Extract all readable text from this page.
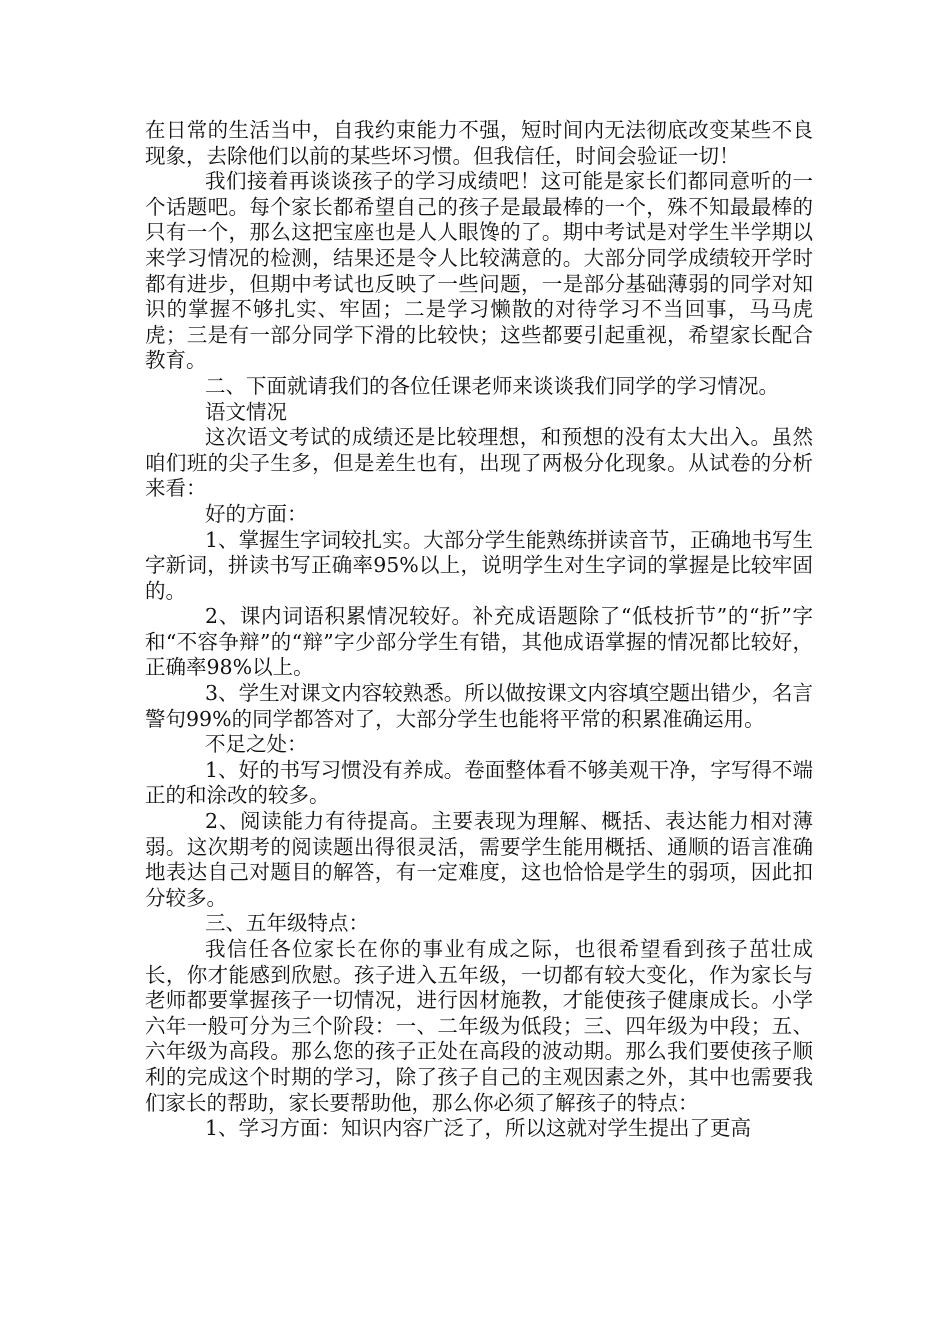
在日常的生活当中，自我约束能力不强，短时间内无法彻底改变某些不良现象，去除他们以前的某些坏习惯。但我信任，时间会验证一切！

我们接着再谈谈孩子的学习成绩吧！这可能是家长们都同意听的一个话题吧。每个家长都希望自己的孩子是最最棒的一个，殊不知最最棒的只有一个，那么这把宝座也是人人眼馋的了。期中考试是对学生半学期以来学习情况的检测，结果还是令人比较满意的。大部分同学成绩较开学时都有进步，但期中考试也反映了一些问题，一是部分基础薄弱的同学对知识的掌握不够扎实、牢固；二是学习懒散的对待学习不当回事，马马虎虎；三是有一部分同学下滑的比较快；这些都要引起重视，希望家长配合教育。

二、下面就请我们的各位任课老师来谈谈我们同学的学习情况。

语文情况

这次语文考试的成绩还是比较理想，和预想的没有太大出入。虽然咱们班的尖子生多，但是差生也有，出现了两极分化现象。从试卷的分析来看：

好的方面：

1、掌握生字词较扎实。大部分学生能熟练拼读音节，正确地书写生字新词，拼读书写正确率95%以上，说明学生对生字词的掌握是比较牢固的。

2、课内词语积累情况较好。补充成语题除了“低枝折节”的“折”字和“不容争辩”的“辩”字少部分学生有错，其他成语掌握的情况都比较好，正确率98%以上。

3、学生对课文内容较熟悉。所以做按课文内容填空题出错少，名言警句99%的同学都答对了，大部分学生也能将平常的积累准确运用。

不足之处：

1、好的书写习惯没有养成。卷面整体看不够美观干净，字写得不端正的和涂改的较多。

2、阅读能力有待提高。主要表现为理解、概括、表达能力相对薄弱。这次期考的阅读题出得很灵活，需要学生能用概括、通顺的语言准确地表达自己对题目的解答，有一定难度，这也恰恰是学生的弱项，因此扣分较多。

三、五年级特点：

我信任各位家长在你的事业有成之际，也很希望看到孩子茁壮成长，你才能感到欣慰。孩子进入五年级，一切都有较大变化，作为家长与老师都要掌握孩子一切情况，进行因材施教，才能使孩子健康成长。小学六年一般可分为三个阶段：一、二年级为低段；三、四年级为中段；五、六年级为高段。那么您的孩子正处在高段的波动期。那么我们要使孩子顺利的完成这个时期的学习，除了孩子自己的主观因素之外，其中也需要我们家长的帮助，家长要帮助他，那么你必须了解孩子的特点：

1、学习方面：知识内容广泛了，所以这就对学生提出了更高
